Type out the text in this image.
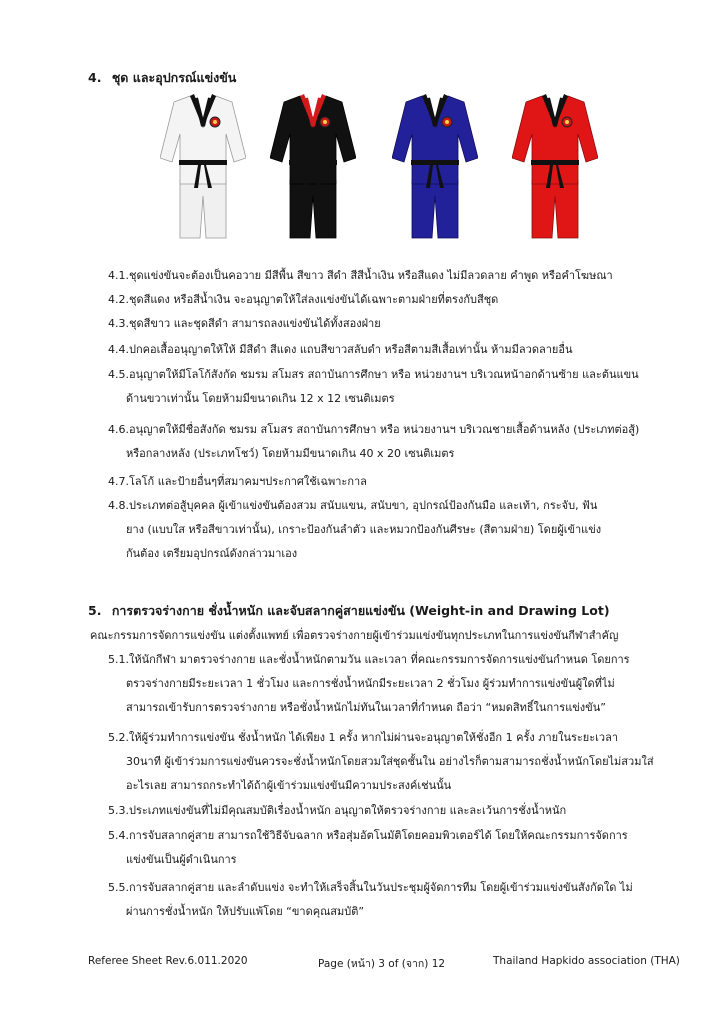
4. ชุด และอุปกรณ์แข่งขัน
4.1.ชุดแข่งขันจะต้องเป็นคอวาย มีสีพื้น สีขาว สีดำ สีสีน้ำเงิน หรือสีแดง ไม่มีลวดลาย คำพูด หรือคำโฆษณา
4.2.ชุดสีแดง หรือสีน้ำเงิน จะอนุญาตให้ใส่ลงแข่งขันได้เฉพาะตามฝ่ายที่ตรงกับสีชุด
4.3.ชุดสีขาว และชุดสีดำ สามารถลงแข่งขันได้ทั้งสองฝ่าย
4.4.ปกคอเสื้ออนุญาตให้ให้ มีสีดำ สีแดง แถบสีขาวสลับดำ หรือสีตามสีเสื้อเท่านั้น ห้ามมีลวดลายอื่น
4.5.อนุญาตให้มีโลโก้สังกัด ชมรม สโมสร สถาบันการศึกษา หรือ หน่วยงานฯ บริเวณหน้าอกด้านซ้าย และต้นแขน
ด้านขวาเท่านั้น โดยห้ามมีขนาดเกิน 12 x 12 เซนติเมตร
4.6.อนุญาตให้มีชื่อสังกัด ชมรม สโมสร สถาบันการศึกษา หรือ หน่วยงานฯ บริเวณชายเสื้อด้านหลัง (ประเภทต่อสู้)
หรือกลางหลัง (ประเภทโชว์) โดยห้ามมีขนาดเกิน 40 x 20 เซนติเมตร
4.7.โลโก้ และป้ายอื่นๆที่สมาคมฯประกาศใช้เฉพาะกาล
4.8.ประเภทต่อสู้บุคคล ผู้เข้าแข่งขันต้องสวม สนับแขน, สนับขา, อุปกรณ์ป้องกันมือ และเท้า, กระจับ, ฟัน
ยาง (แบบใส หรือสีขาวเท่านั้น), เกราะป้องกันลำตัว และหมวกป้องกันศีรษะ (สีตามฝ่าย) โดยผู้เข้าแข่ง
กันต้อง เตรียมอุปกรณ์ดังกล่าวมาเอง
5. การตรวจร่างกาย ชั่งน้ำหนัก และจับสลากคู่สายแข่งขัน (Weight-in and Drawing Lot)
คณะกรรมการจัดการแข่งขัน แต่งตั้งแพทย์ เพื่อตรวจร่างกายผู้เข้าร่วมแข่งขันทุกประเภทในการแข่งขันกีฬาสำคัญ
5.1.ให้นักกีฬา มาตรวจร่างกาย และชั่งน้ำหนักตามวัน และเวลา ที่คณะกรรมการจัดการแข่งขันกำหนด โดยการ
ตรวจร่างกายมีระยะเวลา 1 ชั่วโมง และการชั่งน้ำหนักมีระยะเวลา 2 ชั่วโมง ผู้ร่วมทำการแข่งขันผู้ใดที่ไม่
สามารถเข้ารับการตรวจร่างกาย หรือชั่งน้ำหนักไม่ทันในเวลาที่กำหนด ถือว่า “หมดสิทธิ์ในการแข่งขัน”
5.2.ให้ผู้ร่วมทำการแข่งขัน ชั่งน้ำหนัก ได้เพียง 1 ครั้ง หากไม่ผ่านจะอนุญาตให้ชั่งอีก 1 ครั้ง ภายในระยะเวลา
30นาที ผู้เข้าร่วมการแข่งขันควรจะชั่งน้ำหนักโดยสวมใส่ชุดชั้นใน อย่างไรก็ตามสามารถชั่งน้ำหนักโดยไม่สวมใส่
อะไรเลย สามารถกระทำได้ถ้าผู้เข้าร่วมแข่งขันมีความประสงค์เช่นนั้น
5.3.ประเภทแข่งขันที่ไม่มีคุณสมบัติเรื่องน้ำหนัก อนุญาตให้ตรวจร่างกาย และละเว้นการชั่งน้ำหนัก
5.4.การจับสลากคู่สาย สามารถใช้วิธีจับฉลาก หรือสุ่มอัตโนมัติโดยคอมพิวเตอร์ได้ โดยให้คณะกรรมการจัดการ
แข่งขันเป็นผู้ดำเนินการ
5.5.การจับสลากคู่สาย และลำดับแข่ง จะทำให้เสร็จสิ้นในวันประชุมผู้จัดการทีม โดยผู้เข้าร่วมแข่งขันสังกัดใด ไม่
ผ่านการชั่งน้ำหนัก ให้ปรับแพ้โดย “ขาดคุณสมบัติ”
Referee Sheet Rev.6.011.2020	Page (หน้า) 3 of (จาก) 12	Thailand Hapkido association (THA)
